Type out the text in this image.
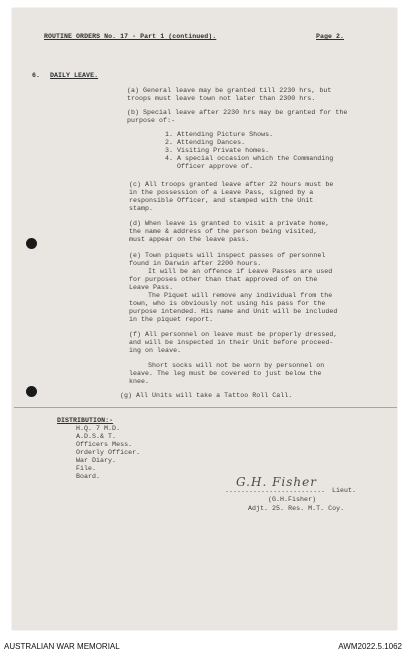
ROUTINE ORDERS No. 17 - Part 1 (continued).	Page 2.
6. DAILY LEAVE.
(a) General leave may be granted till 2230 hrs, but
troops must leave town not later than 2300 hrs.
(b) Special leave after 2230 hrs may be granted for the
purpose of:-
1. Attending Picture Shows.
2. Attending Dances.
3. Visiting Private homes.
4. A special occasion which the Commanding
Officer approve of.
(c) All troops granted leave after 22 hours must be
in the possession of a Leave Pass, signed by a
responsible Officer, and stamped with the Unit
stamp.
(d) When leave is granted to visit a private home,
the name & address of the person being visited,
must appear on the leave pass.
(e) Town piquets will inspect passes of personnel
found in Darwin after 2200 hours.
It will be an offence if Leave Passes are used
for purposes other than that approved of on the
Leave Pass.
The Piquet will remove any individual from the
town, who is obviously not using his pass for the
purpose intended. His name and Unit will be included
in the piquet report.
(f) All personnel on leave must be properly dressed,
and will be inspected in their Unit before proceed-
ing on leave.
Short socks will not be worn by personnel on
leave. The leg must be covered to just below the
knee.
(g) All Units will take a Tattoo Roll Call.
DISTRIBUTION:-
H.Q. 7 M.D.
A.D.S.& T.
Officers Mess.
Orderly Officer.
War Diary.
File.
Board.	G.H. Fisher
......................... Lieut.
(G.H.Fisher)
Adjt. 25. Res. M.T. Coy.
AUSTRALIAN WAR MEMORIAL	AWM2022.5.1062
